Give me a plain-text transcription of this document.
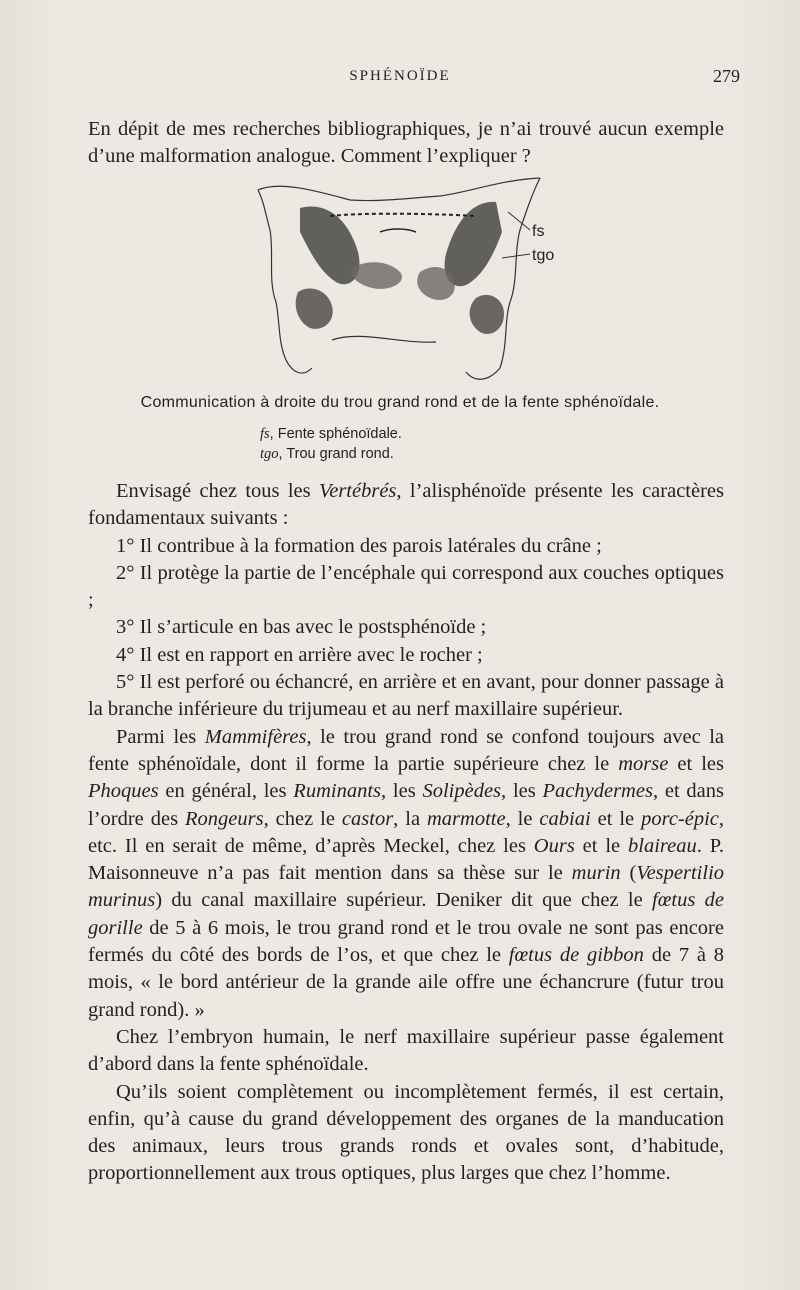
SPHÉNOÏDE	279

En dépit de mes recherches bibliographiques, je n’ai trouvé aucun exemple d’une malformation analogue. Comment l’expliquer ?

fs
tgo
Communication à droite du trou grand rond et de la fente sphénoïdale.
fs, Fente sphénoïdale.
tgo, Trou grand rond.

Envisagé chez tous les Vertébrés, l’alisphénoïde présente les caractères fondamentaux suivants :

1° Il contribue à la formation des parois latérales du crâne ;

2° Il protège la partie de l’encéphale qui correspond aux couches optiques ;

3° Il s’articule en bas avec le postsphénoïde ;

4° Il est en rapport en arrière avec le rocher ;

5° Il est perforé ou échancré, en arrière et en avant, pour donner passage à la branche inférieure du trijumeau et au nerf maxillaire supérieur.

Parmi les Mammifères, le trou grand rond se confond toujours avec la fente sphénoïdale, dont il forme la partie supérieure chez le morse et les Phoques en général, les Ruminants, les Solipèdes, les Pachydermes, et dans l’ordre des Rongeurs, chez le castor, la marmotte, le cabiai et le porc-épic, etc. Il en serait de même, d’après Meckel, chez les Ours et le blaireau. P. Maisonneuve n’a pas fait mention dans sa thèse sur le murin (Vespertilio murinus) du canal maxillaire supérieur. Deniker dit que chez le fœtus de gorille de 5 à 6 mois, le trou grand rond et le trou ovale ne sont pas encore fermés du côté des bords de l’os, et que chez le fœtus de gibbon de 7 à 8 mois, « le bord antérieur de la grande aile offre une échancrure (futur trou grand rond). »

Chez l’embryon humain, le nerf maxillaire supérieur passe également d’abord dans la fente sphénoïdale.

Qu’ils soient complètement ou incomplètement fermés, il est certain, enfin, qu’à cause du grand développement des organes de la manducation des animaux, leurs trous grands ronds et ovales sont, d’habitude, proportionnellement aux trous optiques, plus larges que chez l’homme.
